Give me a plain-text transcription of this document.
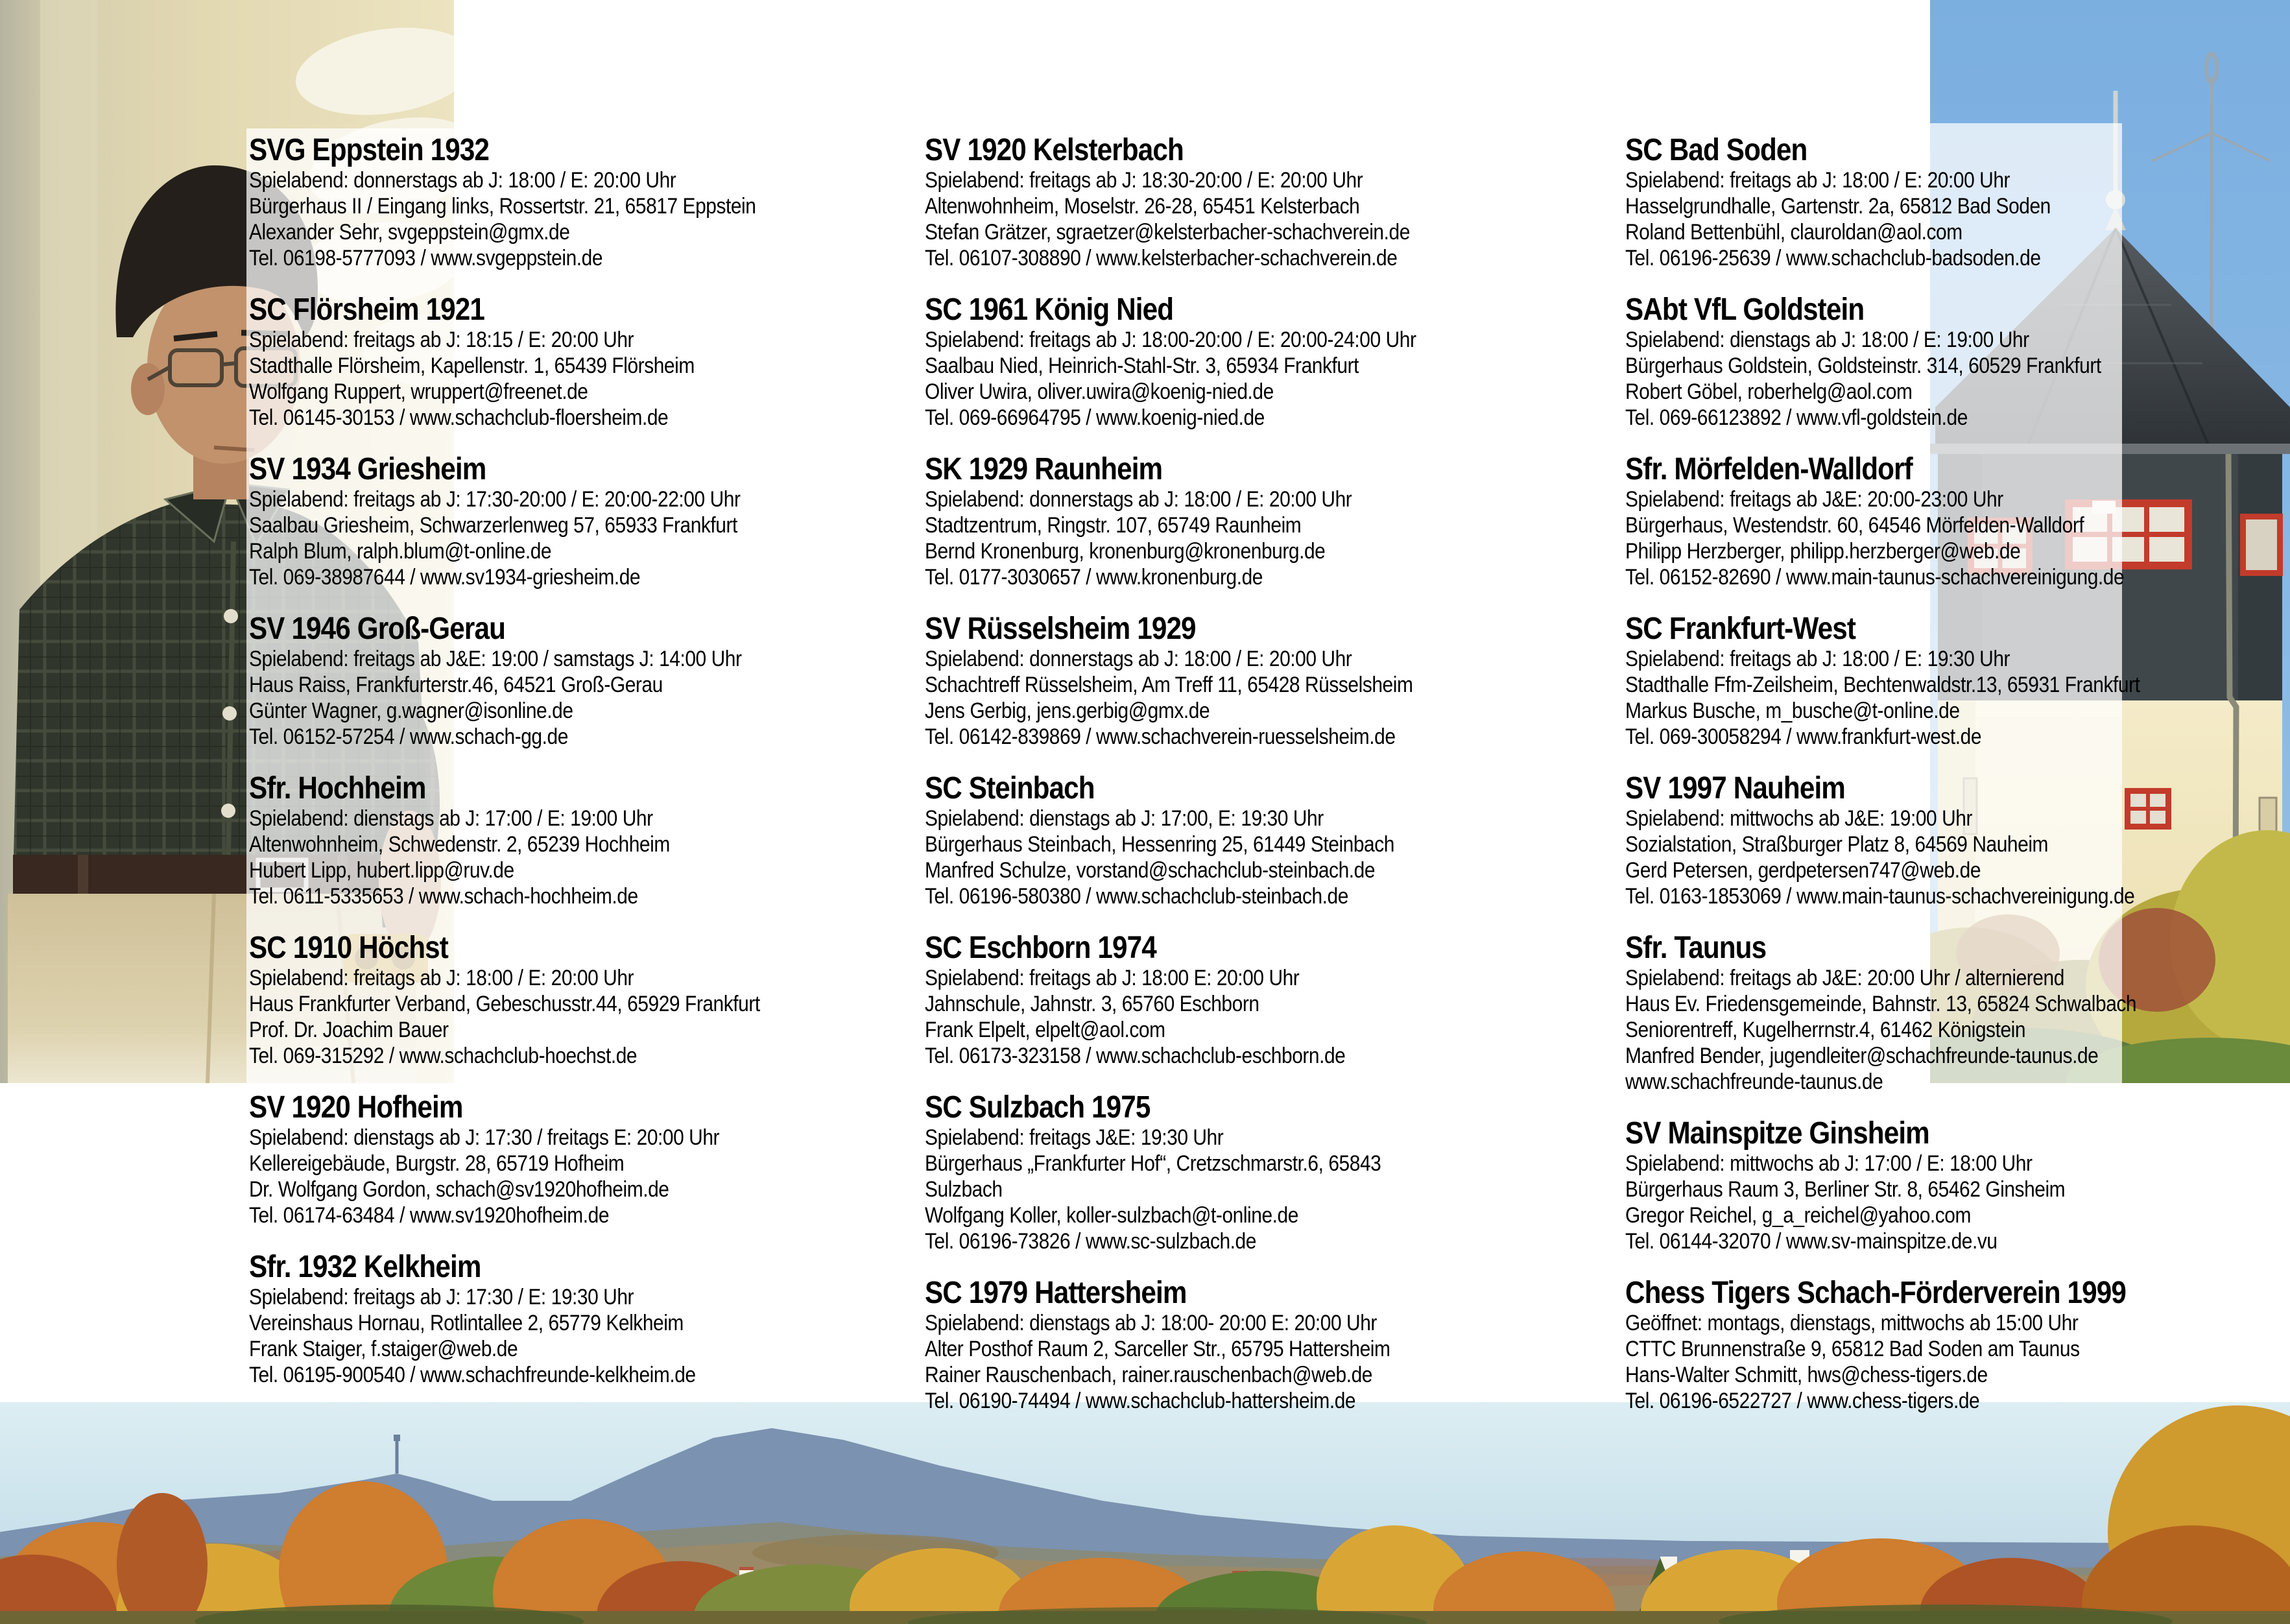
SVG Eppstein 1932

Spielabend: donnerstags ab J: 18:00 / E: 20:00 Uhr

Bürgerhaus II / Eingang links, Rossertstr. 21, 65817 Eppstein

Alexander Sehr, svgeppstein@gmx.de

Tel. 06198-5777093 / www.svgeppstein.de

SC Flörsheim 1921

Spielabend: freitags ab J: 18:15 / E: 20:00 Uhr

Stadthalle Flörsheim, Kapellenstr. 1, 65439 Flörsheim

Wolfgang Ruppert, wruppert@freenet.de

Tel. 06145-30153 / www.schachclub-floersheim.de

SV 1934 Griesheim

Spielabend: freitags ab J: 17:30-20:00 / E: 20:00-22:00 Uhr

Saalbau Griesheim, Schwarzerlenweg 57, 65933 Frankfurt

Ralph Blum, ralph.blum@t-online.de

Tel. 069-38987644 / www.sv1934-griesheim.de

SV 1946 Groß-Gerau

Spielabend: freitags ab J&E: 19:00 / samstags J: 14:00 Uhr

Haus Raiss, Frankfurterstr.46, 64521 Groß-Gerau

Günter Wagner, g.wagner@isonline.de

Tel. 06152-57254 / www.schach-gg.de

Sfr. Hochheim

Spielabend: dienstags ab J: 17:00 / E: 19:00 Uhr

Altenwohnheim, Schwedenstr. 2, 65239 Hochheim

Hubert Lipp, hubert.lipp@ruv.de

Tel. 0611-5335653 / www.schach-hochheim.de

SC 1910 Höchst

Spielabend: freitags ab J: 18:00 / E: 20:00 Uhr

Haus Frankfurter Verband, Gebeschusstr.44, 65929 Frankfurt

Prof. Dr. Joachim Bauer

Tel. 069-315292 / www.schachclub-hoechst.de

SV 1920 Hofheim

Spielabend: dienstags ab J: 17:30 / freitags E: 20:00 Uhr

Kellereigebäude, Burgstr. 28, 65719 Hofheim

Dr. Wolfgang Gordon, schach@sv1920hofheim.de

Tel. 06174-63484 / www.sv1920hofheim.de

Sfr. 1932 Kelkheim

Spielabend: freitags ab J: 17:30 / E: 19:30 Uhr

Vereinshaus Hornau, Rotlintallee 2, 65779 Kelkheim

Frank Staiger, f.staiger@web.de

Tel. 06195-900540 / www.schachfreunde-kelkheim.de

SV 1920 Kelsterbach

Spielabend: freitags ab J: 18:30-20:00 / E: 20:00 Uhr

Altenwohnheim, Moselstr. 26-28, 65451 Kelsterbach

Stefan Grätzer, sgraetzer@kelsterbacher-schachverein.de

Tel. 06107-308890 / www.kelsterbacher-schachverein.de

SC 1961 König Nied

Spielabend: freitags ab J: 18:00-20:00 / E: 20:00-24:00 Uhr

Saalbau Nied, Heinrich-Stahl-Str. 3, 65934 Frankfurt

Oliver Uwira, oliver.uwira@koenig-nied.de

Tel. 069-66964795 / www.koenig-nied.de

SK 1929 Raunheim

Spielabend: donnerstags ab J: 18:00 / E: 20:00 Uhr

Stadtzentrum, Ringstr. 107, 65749 Raunheim

Bernd Kronenburg, kronenburg@kronenburg.de

Tel. 0177-3030657 / www.kronenburg.de

SV Rüsselsheim 1929

Spielabend: donnerstags ab J: 18:00 / E: 20:00 Uhr

Schachtreff Rüsselsheim, Am Treff 11, 65428 Rüsselsheim

Jens Gerbig, jens.gerbig@gmx.de

Tel. 06142-839869 / www.schachverein-ruesselsheim.de

SC Steinbach

Spielabend: dienstags ab J: 17:00, E: 19:30 Uhr

Bürgerhaus Steinbach, Hessenring 25, 61449 Steinbach

Manfred Schulze, vorstand@schachclub-steinbach.de

Tel. 06196-580380 / www.schachclub-steinbach.de

SC Eschborn 1974

Spielabend: freitags ab J: 18:00 E: 20:00 Uhr

Jahnschule, Jahnstr. 3, 65760 Eschborn

Frank Elpelt, elpelt@aol.com

Tel. 06173-323158 / www.schachclub-eschborn.de

SC Sulzbach 1975

Spielabend: freitags J&E: 19:30 Uhr

Bürgerhaus „Frankfurter Hof“, Cretzschmarstr.6, 65843 Sulzbach

Wolfgang Koller, koller-sulzbach@t-online.de

Tel. 06196-73826 / www.sc-sulzbach.de

SC 1979 Hattersheim

Spielabend: dienstags ab J: 18:00- 20:00 E: 20:00 Uhr

Alter Posthof Raum 2, Sarceller Str., 65795 Hattersheim

Rainer Rauschenbach, rainer.rauschenbach@web.de

Tel. 06190-74494 / www.schachclub-hattersheim.de

SC Bad Soden

Spielabend: freitags ab J: 18:00 / E: 20:00 Uhr

Hasselgrundhalle, Gartenstr. 2a, 65812 Bad Soden

Roland Bettenbühl, clauroldan@aol.com

Tel. 06196-25639 / www.schachclub-badsoden.de

SAbt VfL Goldstein

Spielabend: dienstags ab J: 18:00 / E: 19:00 Uhr

Bürgerhaus Goldstein, Goldsteinstr. 314, 60529 Frankfurt

Robert Göbel, roberhelg@aol.com

Tel. 069-66123892 / www.vfl-goldstein.de

Sfr. Mörfelden-Walldorf

Spielabend: freitags ab J&E: 20:00-23:00 Uhr

Bürgerhaus, Westendstr. 60, 64546 Mörfelden-Walldorf

Philipp Herzberger, philipp.herzberger@web.de

Tel. 06152-82690 / www.main-taunus-schachvereinigung.de

SC Frankfurt-West

Spielabend: freitags ab J: 18:00 / E: 19:30 Uhr

Stadthalle Ffm-Zeilsheim, Bechtenwaldstr.13, 65931 Frankfurt

Markus Busche, m_busche@t-online.de

Tel. 069-30058294 / www.frankfurt-west.de

SV 1997 Nauheim

Spielabend: mittwochs ab J&E: 19:00 Uhr

Sozialstation, Straßburger Platz 8, 64569 Nauheim

Gerd Petersen, gerdpetersen747@web.de

Tel. 0163-1853069 / www.main-taunus-schachvereinigung.de

Sfr. Taunus

Spielabend: freitags ab J&E: 20:00 Uhr / alternierend

Haus Ev. Friedensgemeinde, Bahnstr. 13, 65824 Schwalbach

Seniorentreff, Kugelherrnstr.4, 61462 Königstein

Manfred Bender, jugendleiter@schachfreunde-taunus.de

www.schachfreunde-taunus.de

SV Mainspitze Ginsheim

Spielabend: mittwochs ab J: 17:00 / E: 18:00 Uhr

Bürgerhaus Raum 3, Berliner Str. 8, 65462 Ginsheim

Gregor Reichel, g_a_reichel@yahoo.com

Tel. 06144-32070 / www.sv-mainspitze.de.vu

Chess Tigers Schach-Förderverein 1999

Geöffnet: montags, dienstags, mittwochs ab 15:00 Uhr

CTTC Brunnenstraße 9, 65812 Bad Soden am Taunus

Hans-Walter Schmitt, hws@chess-tigers.de

Tel. 06196-6522727 / www.chess-tigers.de
